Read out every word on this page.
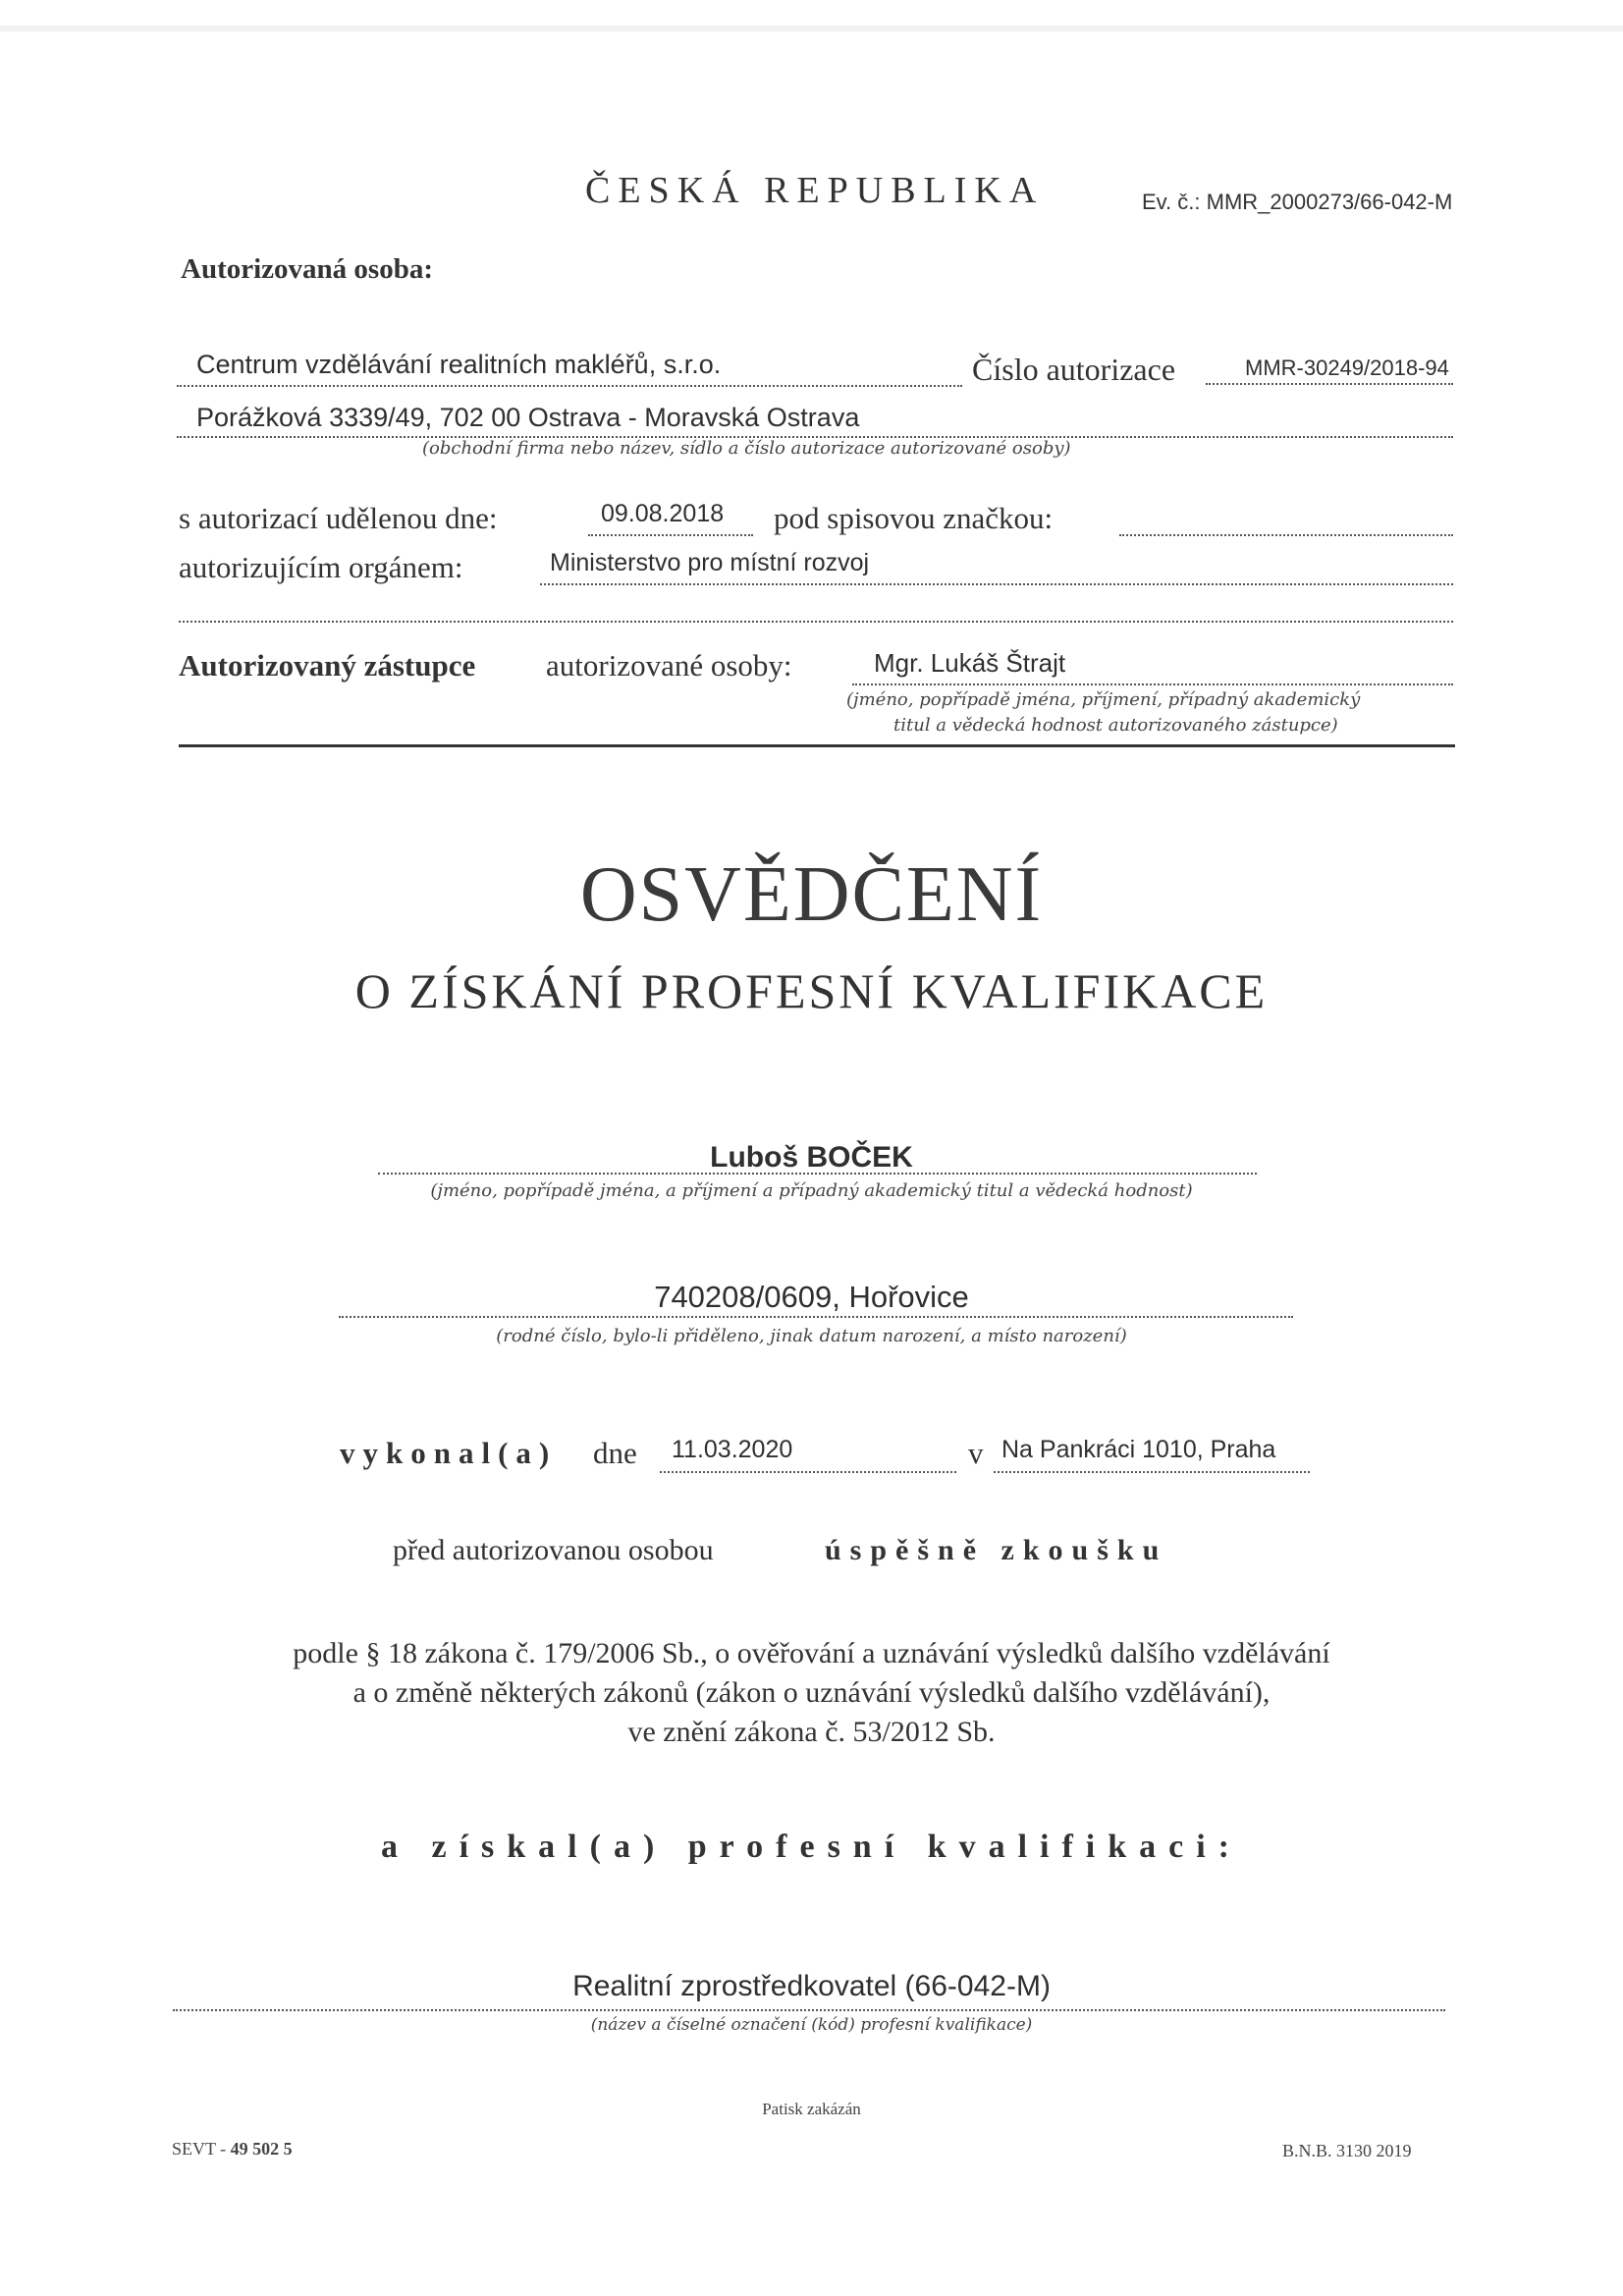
ČESKÁ REPUBLIKA	Ev. č.: MMR_2000273/66-042-M
Autorizovaná osoba:
Centrum vzdělávání realitních makléřů, s.r.o.	Číslo autorizace	MMR-30249/2018-94
Porážková 3339/49, 702 00 Ostrava - Moravská Ostrava
(obchodní firma nebo název, sídlo a číslo autorizace autorizované osoby)
s autorizací udělenou dne:	09.08.2018 pod spisovou značkou:
autorizujícím orgánem:	Ministerstvo pro místní rozvoj
Autorizovaný zástupce autorizované osoby:	Mgr. Lukáš Štrajt
(jméno, popřípadě jména, příjmení, případný akademický
titul a vědecká hodnost autorizovaného zástupce)
OSVĚDČENÍ
O ZÍSKÁNÍ PROFESNÍ KVALIFIKACE
Luboš BOČEK
(jméno, popřípadě jména, a příjmení a případný akademický titul a vědecká hodnost)
740208/0609, Hořovice
(rodné číslo, bylo-li přiděleno, jinak datum narození, a místo narození)
vykonal(a) dne 11.03.2020	v Na Pankráci 1010, Praha
před autorizovanou osobou	úspěšně zkoušku
podle § 18 zákona č. 179/2006 Sb., o ověřování a uznávání výsledků dalšího vzdělávání
a o změně některých zákonů (zákon o uznávání výsledků dalšího vzdělávání),
ve znění zákona č. 53/2012 Sb.
a získal(a) profesní kvalifikaci:
Realitní zprostředkovatel (66-042-M)
(název a číselné označení (kód) profesní kvalifikace)
Patisk zakázán
SEVT - 49 502 5	B.N.B. 3130 2019
